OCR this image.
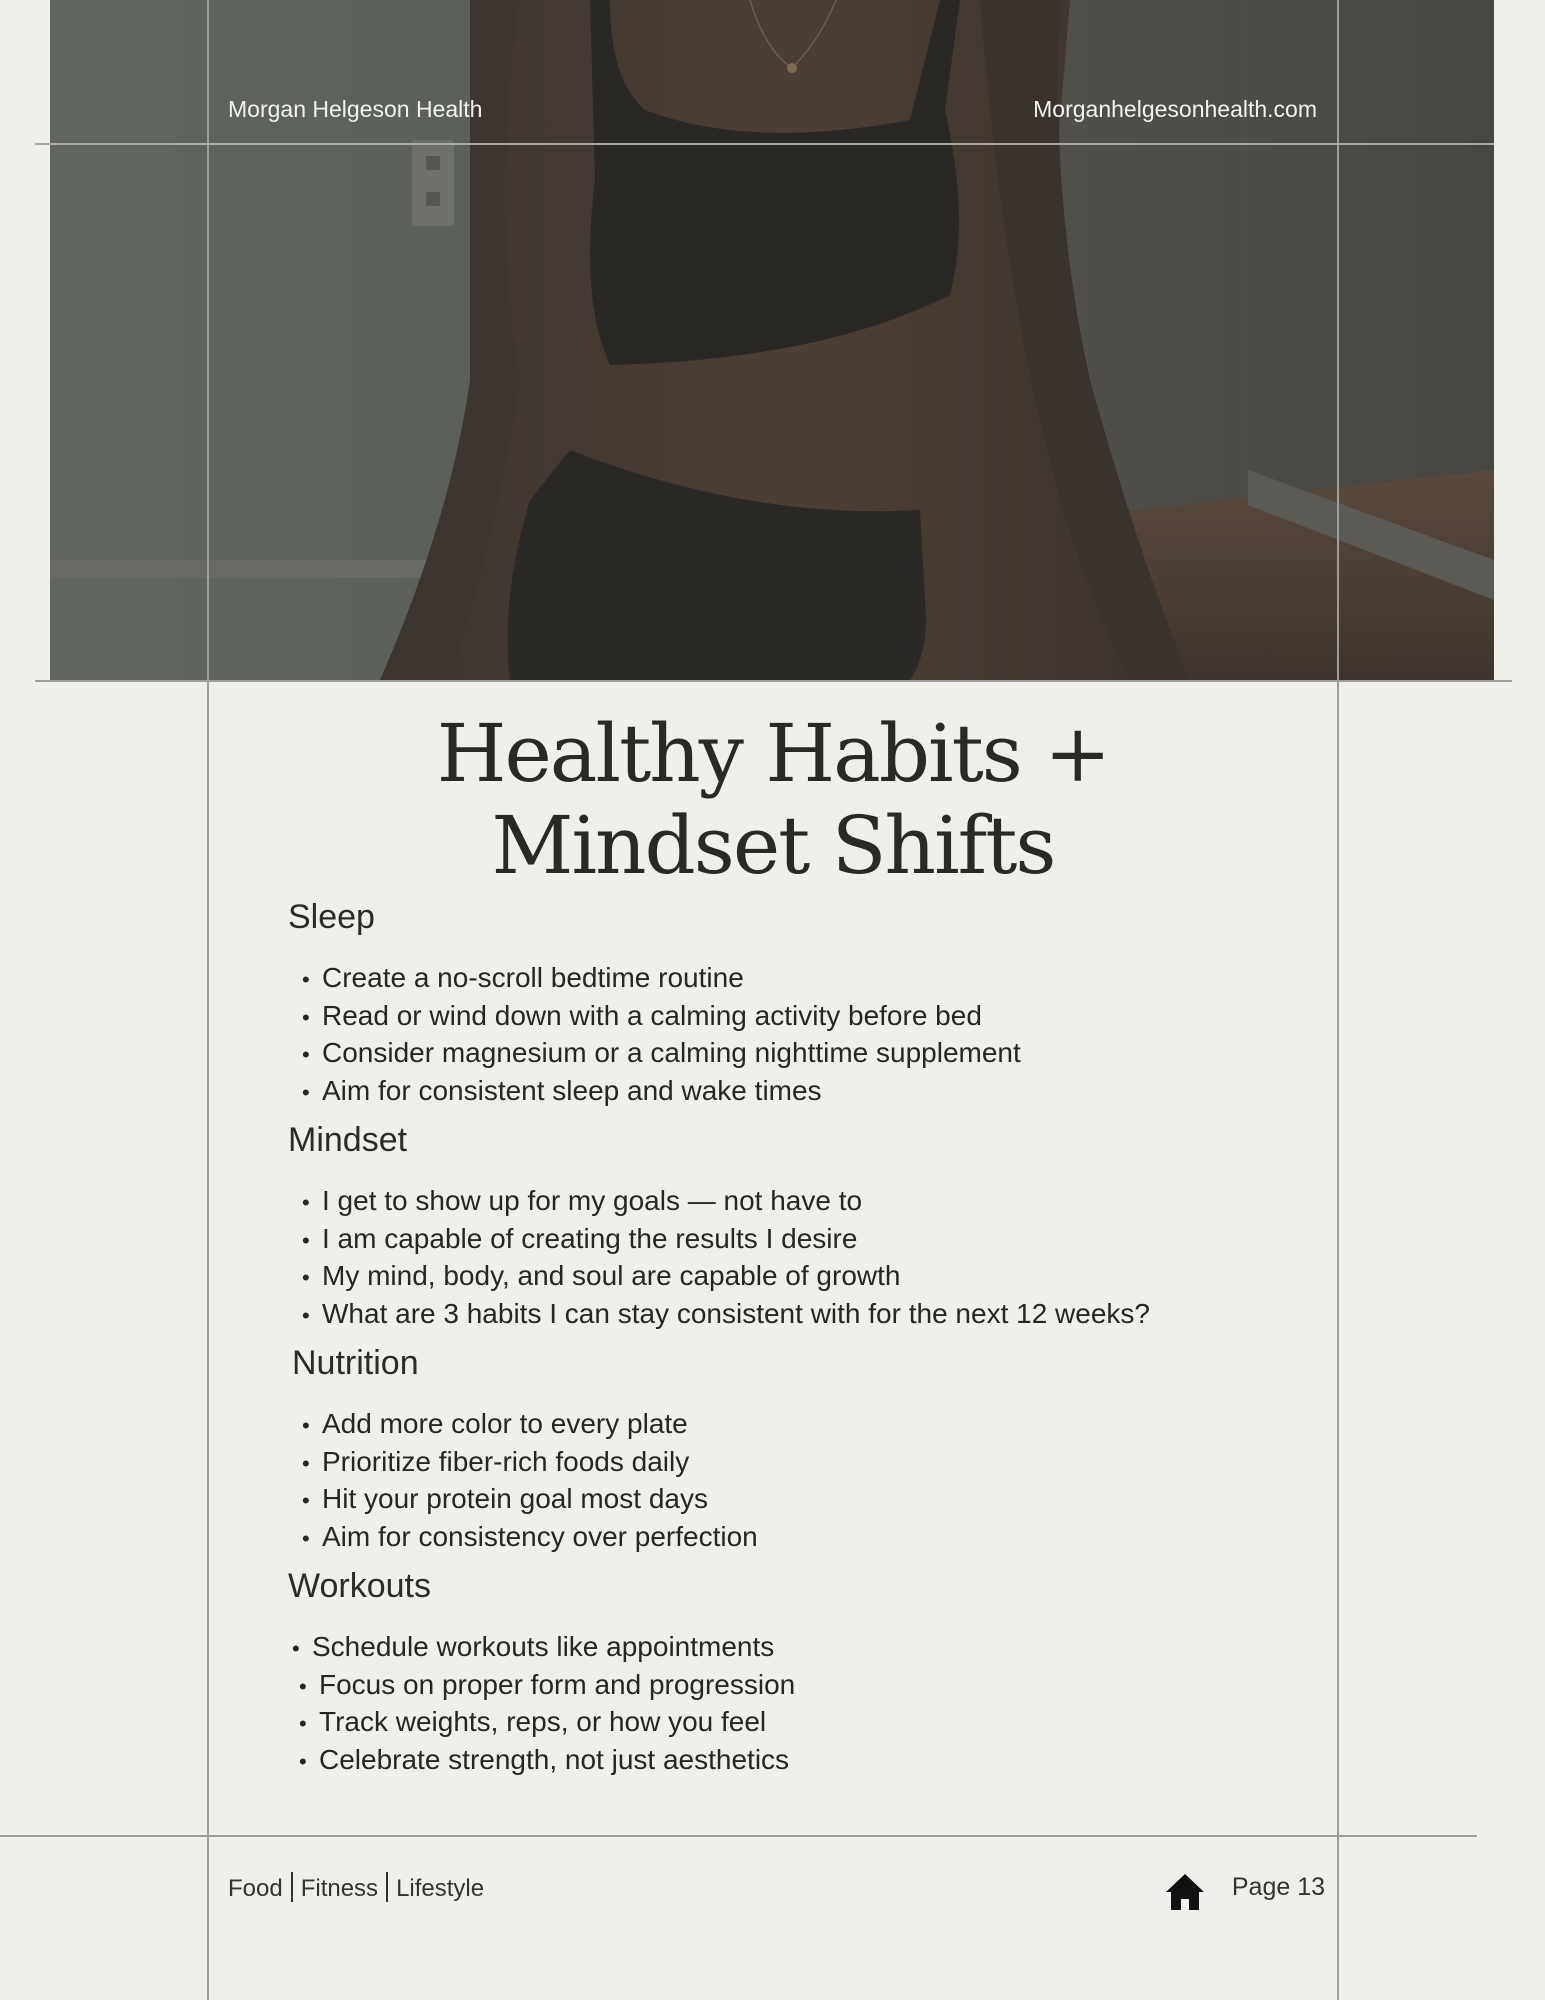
Morgan Helgeson Health	Morganhelgesonhealth.com
Healthy Habits +
Mindset Shifts
Sleep
• Create a no-scroll bedtime routine
• Read or wind down with a calming activity before bed
• Consider magnesium or a calming nighttime supplement
• Aim for consistent sleep and wake times
Mindset
• I get to show up for my goals — not have to
• I am capable of creating the results I desire
• My mind, body, and soul are capable of growth
• What are 3 habits I can stay consistent with for the next 12 weeks?
Nutrition
• Add more color to every plate
• Prioritize fiber-rich foods daily
• Hit your protein goal most days
• Aim for consistency over perfection
Workouts
• Schedule workouts like appointments
• Focus on proper form and progression
• Track weights, reps, or how you feel
• Celebrate strength, not just aesthetics
Food Fitness Lifestyle	Page 13
